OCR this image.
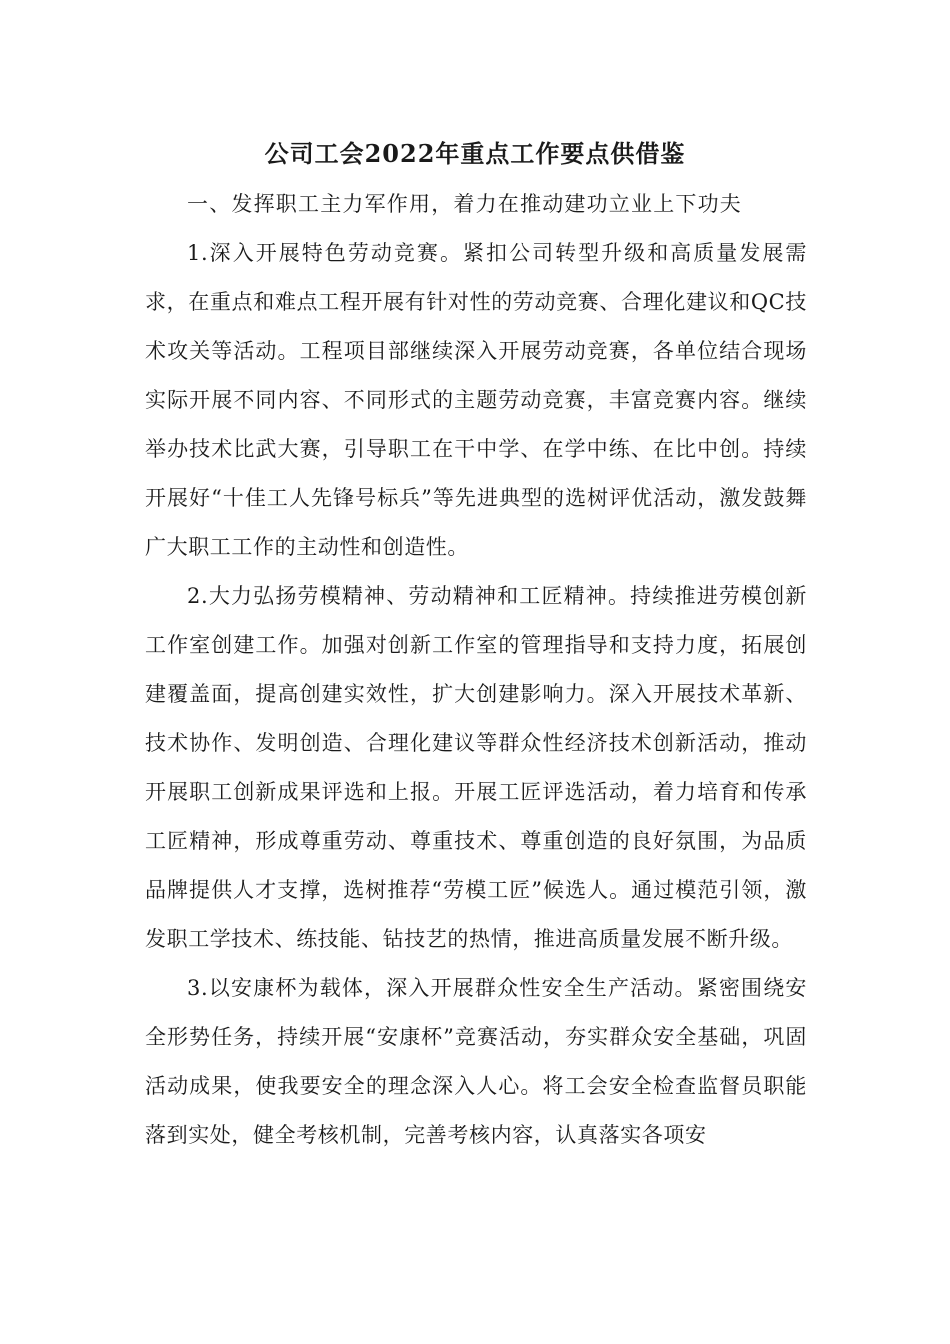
公司工会2022年重点工作要点供借鉴

一、发挥职工主力军作用，着力在推动建功立业上下功夫

1.深入开展特色劳动竞赛。紧扣公司转型升级和高质量发展需求，在重点和难点工程开展有针对性的劳动竞赛、合理化建议和QC技术攻关等活动。工程项目部继续深入开展劳动竞赛，各单位结合现场实际开展不同内容、不同形式的主题劳动竞赛，丰富竞赛内容。继续举办技术比武大赛，引导职工在干中学、在学中练、在比中创。持续开展好“十佳工人先锋号标兵”等先进典型的选树评优活动，激发鼓舞广大职工工作的主动性和创造性。

2.大力弘扬劳模精神、劳动精神和工匠精神。持续推进劳模创新工作室创建工作。加强对创新工作室的管理指导和支持力度，拓展创建覆盖面，提高创建实效性，扩大创建影响力。深入开展技术革新、技术协作、发明创造、合理化建议等群众性经济技术创新活动，推动开展职工创新成果评选和上报。开展工匠评选活动，着力培育和传承工匠精神，形成尊重劳动、尊重技术、尊重创造的良好氛围，为品质品牌提供人才支撑，选树推荐“劳模工匠”候选人。通过模范引领，激发职工学技术、练技能、钻技艺的热情，推进高质量发展不断升级。

3.以安康杯为载体，深入开展群众性安全生产活动。紧密围绕安全形势任务，持续开展“安康杯”竞赛活动，夯实群众安全基础，巩固活动成果，使我要安全的理念深入人心。将工会安全检查监督员职能落到实处，健全考核机制，完善考核内容，认真落实各项安
